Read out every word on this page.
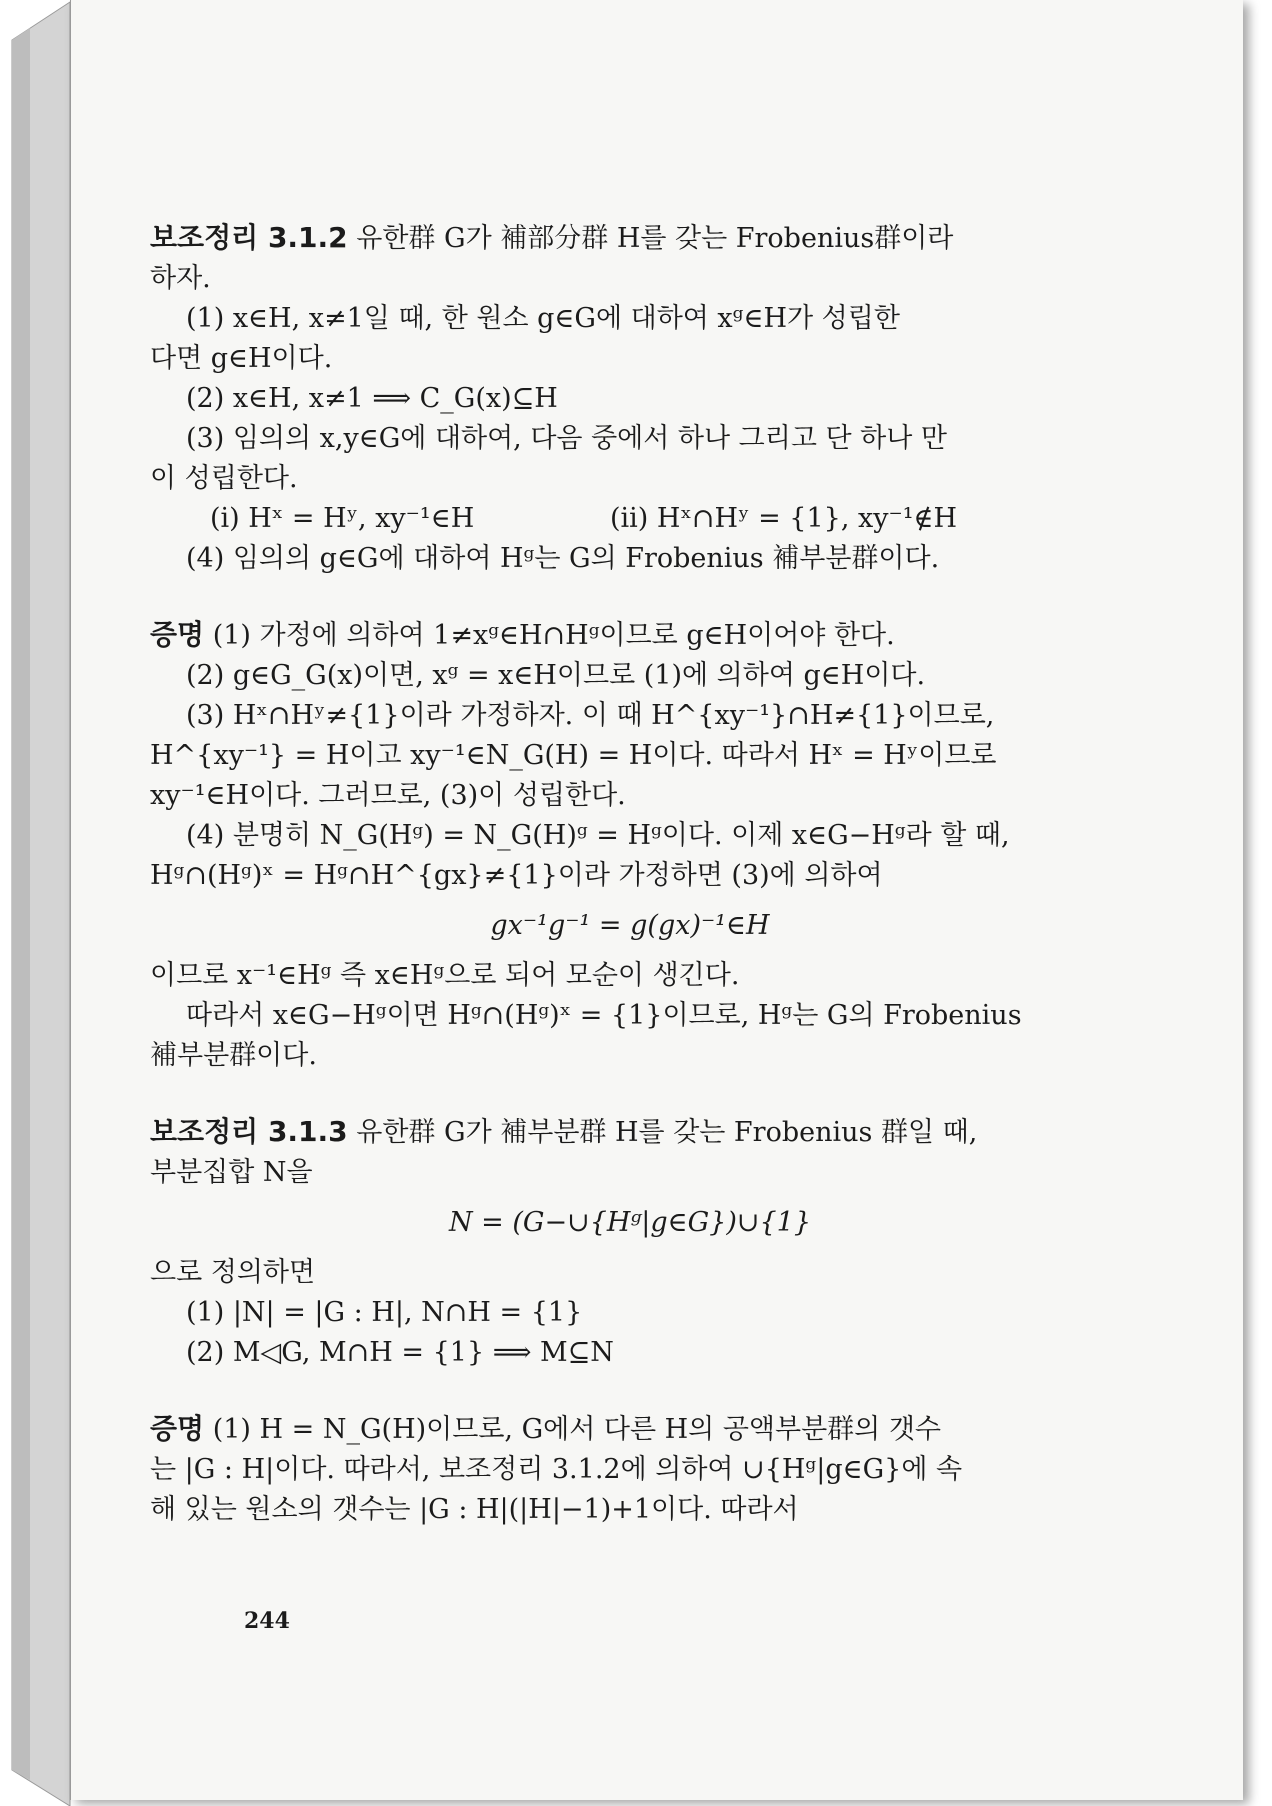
보조정리 3.1.2 유한群 G가 補部分群 H를 갖는 Frobenius群이라

하자.

(1) x∈H, x≠1일 때, 한 원소 g∈G에 대하여 xᵍ∈H가 성립한

다면 g∈H이다.

(2) x∈H, x≠1 ⟹ C_G(x)⊆H

(3) 임의의 x,y∈G에 대하여, 다음 중에서 하나 그리고 단 하나 만

이 성립한다.

(i) Hˣ = Hʸ, xy⁻¹∈H	(ii) Hˣ∩Hʸ = {1}, xy⁻¹∉H

(4) 임의의 g∈G에 대하여 Hᵍ는 G의 Frobenius 補부분群이다.

증명 (1) 가정에 의하여 1≠xᵍ∈H∩Hᵍ이므로 g∈H이어야 한다.

(2) g∈G_G(x)이면, xᵍ = x∈H이므로 (1)에 의하여 g∈H이다.

(3) Hˣ∩Hʸ≠{1}이라 가정하자. 이 때 H^{xy⁻¹}∩H≠{1}이므로,

H^{xy⁻¹} = H이고 xy⁻¹∈N_G(H) = H이다. 따라서 Hˣ = Hʸ이므로

xy⁻¹∈H이다. 그러므로, (3)이 성립한다.

(4) 분명히 N_G(Hᵍ) = N_G(H)ᵍ = Hᵍ이다. 이제 x∈G−Hᵍ라 할 때,

Hᵍ∩(Hᵍ)ˣ = Hᵍ∩H^{gx}≠{1}이라 가정하면 (3)에 의하여

gx⁻¹g⁻¹ = g(gx)⁻¹∈H

이므로 x⁻¹∈Hᵍ 즉 x∈Hᵍ으로 되어 모순이 생긴다.

따라서 x∈G−Hᵍ이면 Hᵍ∩(Hᵍ)ˣ = {1}이므로, Hᵍ는 G의 Frobenius

補부분群이다.

보조정리 3.1.3 유한群 G가 補부분群 H를 갖는 Frobenius 群일 때,

부분집합 N을

N = (G−∪{Hᵍ|g∈G})∪{1}

으로 정의하면

(1) |N| = |G : H|, N∩H = {1}

(2) M◁G, M∩H = {1} ⟹ M⊆N

증명 (1) H = N_G(H)이므로, G에서 다른 H의 공액부분群의 갯수

는 |G : H|이다. 따라서, 보조정리 3.1.2에 의하여 ∪{Hᵍ|g∈G}에 속

해 있는 원소의 갯수는 |G : H|(|H|−1)+1이다. 따라서

244
